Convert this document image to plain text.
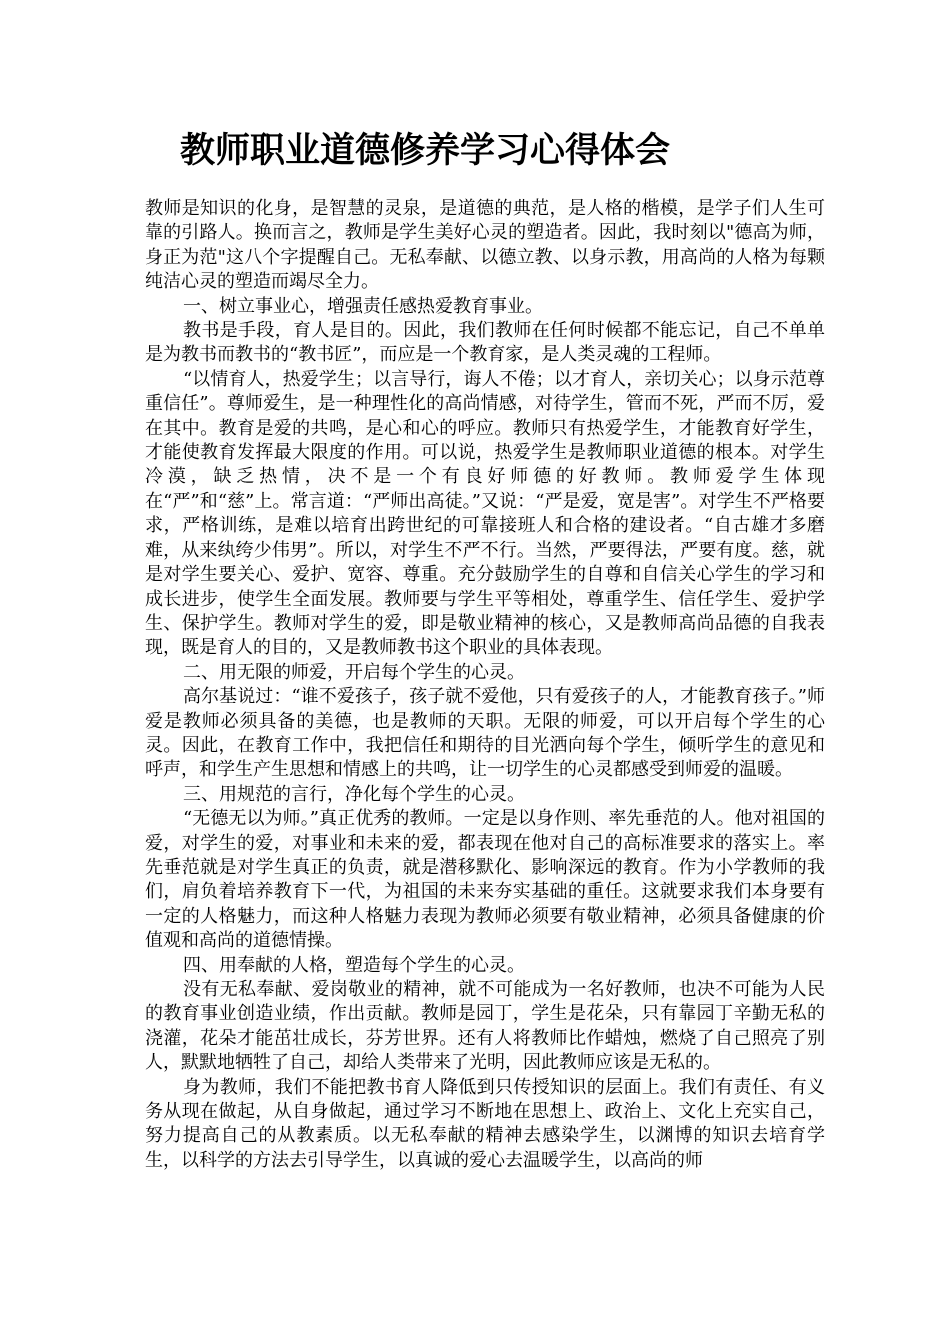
教师职业道德修养学习心得体会

教师是知识的化身，是智慧的灵泉，是道德的典范，是人格的楷模，是学子们人生可靠的引路人。换而言之，教师是学生美好心灵的塑造者。因此，我时刻以"德高为师，身正为范"这八个字提醒自己。无私奉献、以德立教、以身示教，用高尚的人格为每颗纯洁心灵的塑造而竭尽全力。

一、树立事业心，增强责任感热爱教育事业。

教书是手段，育人是目的。因此，我们教师在任何时候都不能忘记，自己不单单是为教书而教书的“教书匠”，而应是一个教育家，是人类灵魂的工程师。

“以情育人，热爱学生；以言导行，诲人不倦；以才育人，亲切关心；以身示范尊重信任”。尊师爱生，是一种理性化的高尚情感，对待学生，管而不死，严而不厉，爱在其中。教育是爱的共鸣，是心和心的呼应。教师只有热爱学生，才能教育好学生，才能使教育发挥最大限度的作用。可以说，热爱学生是教师职业道德的根本。对学生冷漠，缺乏热情，决不是一个有良好师德的好教师。教师爱学生体现在“严”和“慈”上。常言道：“严师出高徒。”又说：“严是爱，宽是害”。对学生不严格要求，严格训练，是难以培育出跨世纪的可靠接班人和合格的建设者。“自古雄才多磨难，从来纨绔少伟男”。所以，对学生不严不行。当然，严要得法，严要有度。慈，就是对学生要关心、爱护、宽容、尊重。充分鼓励学生的自尊和自信关心学生的学习和成长进步，使学生全面发展。教师要与学生平等相处，尊重学生、信任学生、爱护学生、保护学生。教师对学生的爱，即是敬业精神的核心，又是教师高尚品德的自我表现，既是育人的目的，又是教师教书这个职业的具体表现。

二、用无限的师爱，开启每个学生的心灵。

高尔基说过：“谁不爱孩子，孩子就不爱他，只有爱孩子的人，才能教育孩子。”师爱是教师必须具备的美德，也是教师的天职。无限的师爱，可以开启每个学生的心灵。因此，在教育工作中，我把信任和期待的目光洒向每个学生，倾听学生的意见和呼声，和学生产生思想和情感上的共鸣，让一切学生的心灵都感受到师爱的温暖。

三、用规范的言行，净化每个学生的心灵。

“无德无以为师。”真正优秀的教师。一定是以身作则、率先垂范的人。他对祖国的爱，对学生的爱，对事业和未来的爱，都表现在他对自己的高标准要求的落实上。率先垂范就是对学生真正的负责，就是潜移默化、影响深远的教育。作为小学教师的我们，肩负着培养教育下一代，为祖国的未来夯实基础的重任。这就要求我们本身要有一定的人格魅力，而这种人格魅力表现为教师必须要有敬业精神，必须具备健康的价值观和高尚的道德情操。

四、用奉献的人格，塑造每个学生的心灵。

没有无私奉献、爱岗敬业的精神，就不可能成为一名好教师，也决不可能为人民的教育事业创造业绩，作出贡献。教师是园丁，学生是花朵，只有靠园丁辛勤无私的浇灌，花朵才能茁壮成长，芬芳世界。还有人将教师比作蜡烛，燃烧了自己照亮了别人，默默地牺牲了自己，却给人类带来了光明，因此教师应该是无私的。

身为教师，我们不能把教书育人降低到只传授知识的层面上。我们有责任、有义务从现在做起，从自身做起，通过学习不断地在思想上、政治上、文化上充实自己，努力提高自己的从教素质。以无私奉献的精神去感染学生，以渊博的知识去培育学生，以科学的方法去引导学生，以真诚的爱心去温暖学生，以高尚的师
